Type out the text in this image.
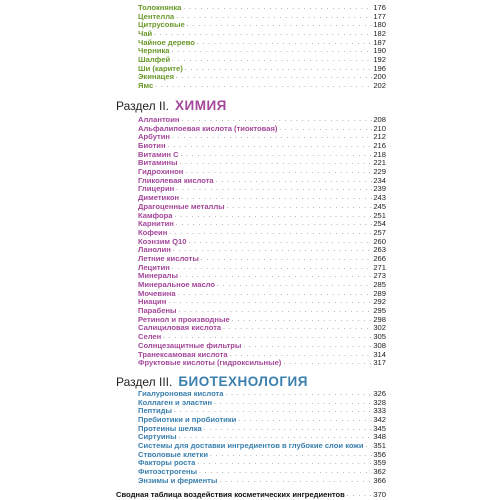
Толокнянка . . .	176
Центелла . . .	177
Цитрусовые . . .	180
Чай . . .	182
Чайное дерево . . .	187
Черника . . .	190
Шалфей . . .	192
Ши (карите) . . .	196
Экинацея . . .	200
Ямс . . .	202
Раздел II. ХИМИЯ
Аллантоин . . .	208
Альфалипоевая кислота (тиоктовая) . . .	210
Арбутин . . .	212
Биотин . . .	216
Витамин С . . .	218
Витамины . . .	221
Гидрохинон . . .	229
Гликолевая кислота . . .	234
Глицерин . . .	239
Диметикон . . .	243
Драгоценные металлы . . .	245
Камфора . . .	251
Карнитин . . .	254
Кофеин . . .	257
Коэнзим Q10 . . .	260
Ланолин . . .	263
Летние кислоты . . .	266
Лецитин . . .	271
Минералы . . .	273
Минеральное масло . . .	285
Мочевина . . .	289
Ниацин . . .	292
Парабены . . .	295
Ретинол и производные . . .	298
Салициловая кислота . . .	302
Селен . . .	305
Солнцезащитные фильтры . . .	308
Транексамовая кислота . . .	314
Фруктовые кислоты (гидроксильные) . . .	317
Раздел III. БИОТЕХНОЛОГИЯ
Гиалуроновая кислота . . .	326
Коллаген и эластин . . .	328
Пептиды . . .	333
Пребиотики и пробиотики . . .	342
Протеины шелка . . .	345
Сиртуины . . .	348
Системы для доставки ингредиентов в глубокие слои кожи . . . 351
Стволовые клетки . . .	356
Факторы роста . . .	359
Фитоэстрогены . . .	362
Энзимы и ферменты . . .	366
Сводная таблица воздействия косметических ингредиентов . . .	370
